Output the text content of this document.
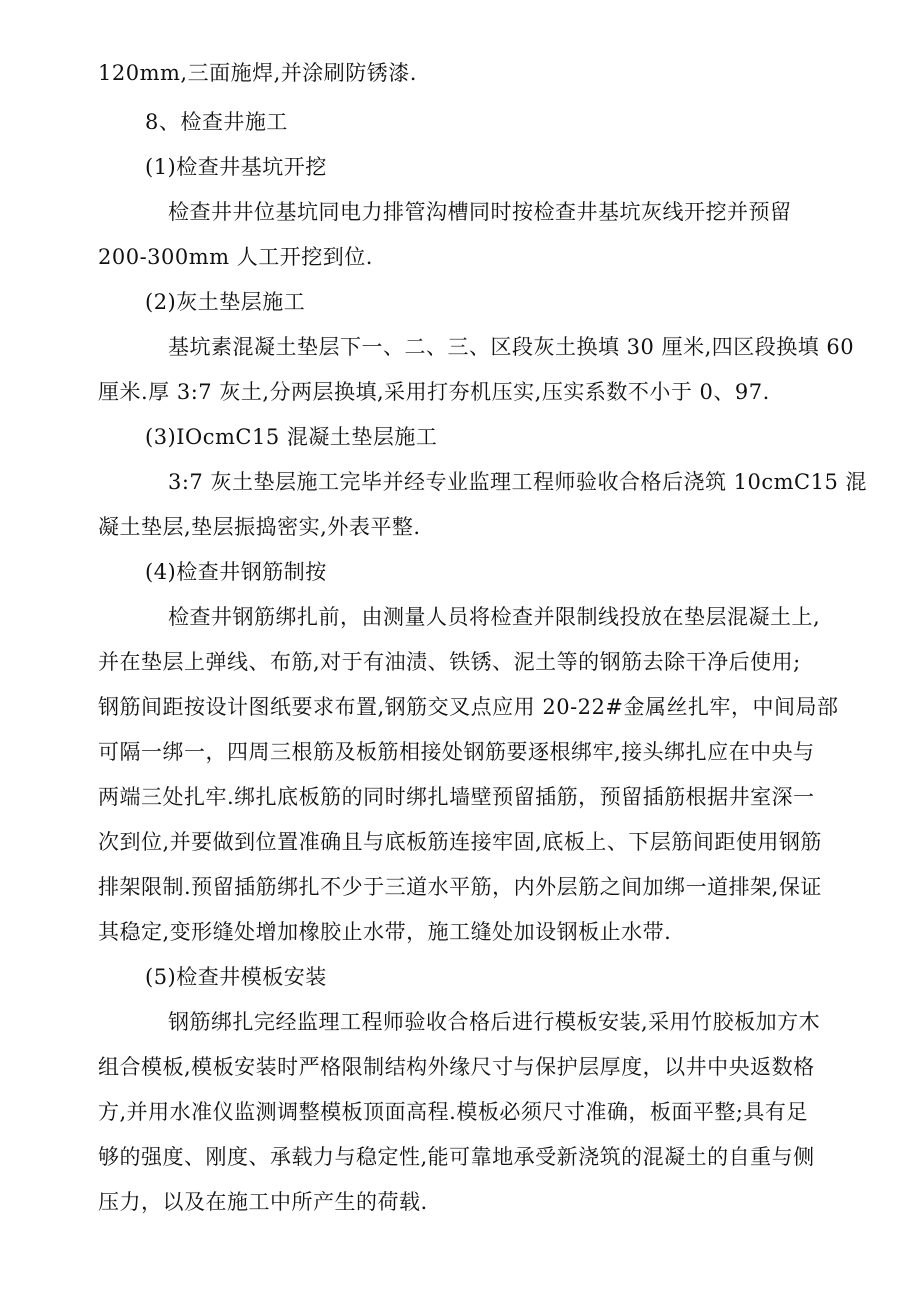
120mm,三面施焊,并涂刷防锈漆.
8、检查井施工
(1)检查井基坑开挖
检查井井位基坑同电力排管沟槽同时按检查井基坑灰线开挖并预留
200-300mm 人工开挖到位.
(2)灰土垫层施工
基坑素混凝土垫层下一、二、三、区段灰土换填 30 厘米,四区段换填 60
厘米.厚 3:7 灰土,分两层换填,采用打夯机压实,压实系数不小于 0、97.
(3)IOcmC15 混凝土垫层施工
3:7 灰土垫层施工完毕并经专业监理工程师验收合格后浇筑 10cmC15 混
凝土垫层,垫层振捣密实,外表平整.
(4)检查井钢筋制按
检查井钢筋绑扎前，由测量人员将检查并限制线投放在垫层混凝土上,
并在垫层上弹线、布筋,对于有油渍、铁锈、泥土等的钢筋去除干净后使用;
钢筋间距按设计图纸要求布置,钢筋交叉点应用 20-22#金属丝扎牢，中间局部
可隔一绑一，四周三根筋及板筋相接处钢筋要逐根绑牢,接头绑扎应在中央与
两端三处扎牢.绑扎底板筋的同时绑扎墙壁预留插筋，预留插筋根据井室深一
次到位,并要做到位置准确且与底板筋连接牢固,底板上、下层筋间距使用钢筋
排架限制.预留插筋绑扎不少于三道水平筋，内外层筋之间加绑一道排架,保证
其稳定,变形缝处增加橡胶止水带，施工缝处加设钢板止水带.
(5)检查井模板安装
钢筋绑扎完经监理工程师验收合格后进行模板安装,采用竹胶板加方木
组合模板,模板安装时严格限制结构外缘尺寸与保护层厚度，以井中央返数格
方,并用水准仪监测调整模板顶面高程.模板必须尺寸准确，板面平整;具有足
够的强度、刚度、承载力与稳定性,能可靠地承受新浇筑的混凝土的自重与侧
压力，以及在施工中所产生的荷载.
